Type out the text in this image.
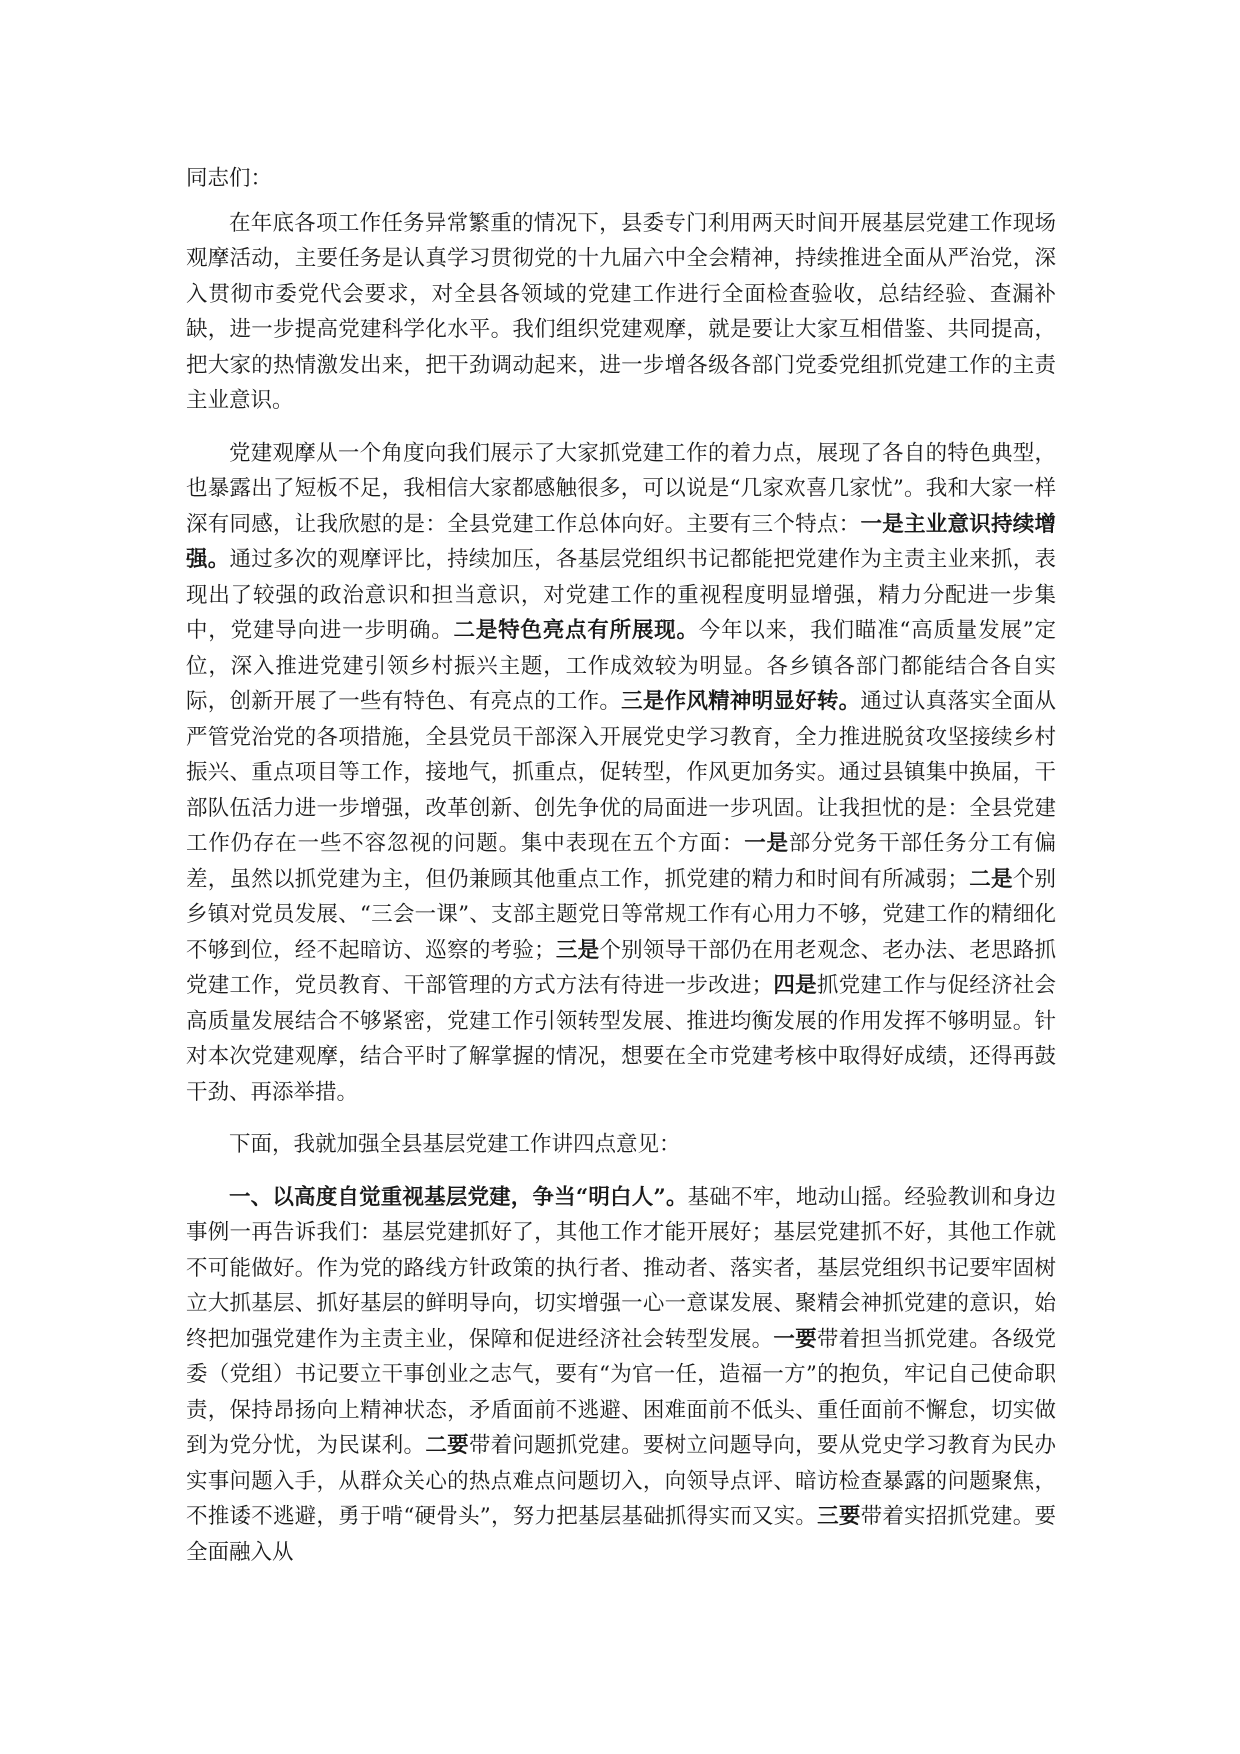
同志们：

在年底各项工作任务异常繁重的情况下，县委专门利用两天时间开展基层党建工作现场观摩活动，主要任务是认真学习贯彻党的十九届六中全会精神，持续推进全面从严治党，深入贯彻市委党代会要求，对全县各领域的党建工作进行全面检查验收，总结经验、查漏补缺，进一步提高党建科学化水平。我们组织党建观摩，就是要让大家互相借鉴、共同提高，把大家的热情激发出来，把干劲调动起来，进一步增各级各部门党委党组抓党建工作的主责主业意识。

党建观摩从一个角度向我们展示了大家抓党建工作的着力点，展现了各自的特色典型，也暴露出了短板不足，我相信大家都感触很多，可以说是“几家欢喜几家忧”。我和大家一样深有同感，让我欣慰的是：全县党建工作总体向好。主要有三个特点：一是主业意识持续增强。通过多次的观摩评比，持续加压，各基层党组织书记都能把党建作为主责主业来抓，表现出了较强的政治意识和担当意识，对党建工作的重视程度明显增强，精力分配进一步集中，党建导向进一步明确。二是特色亮点有所展现。今年以来，我们瞄准“高质量发展”定位，深入推进党建引领乡村振兴主题，工作成效较为明显。各乡镇各部门都能结合各自实际，创新开展了一些有特色、有亮点的工作。三是作风精神明显好转。通过认真落实全面从严管党治党的各项措施，全县党员干部深入开展党史学习教育，全力推进脱贫攻坚接续乡村振兴、重点项目等工作，接地气，抓重点，促转型，作风更加务实。通过县镇集中换届，干部队伍活力进一步增强，改革创新、创先争优的局面进一步巩固。让我担忧的是：全县党建工作仍存在一些不容忽视的问题。集中表现在五个方面：一是部分党务干部任务分工有偏差，虽然以抓党建为主，但仍兼顾其他重点工作，抓党建的精力和时间有所减弱；二是个别乡镇对党员发展、“三会一课”、支部主题党日等常规工作有心用力不够，党建工作的精细化不够到位，经不起暗访、巡察的考验；三是个别领导干部仍在用老观念、老办法、老思路抓党建工作，党员教育、干部管理的方式方法有待进一步改进；四是抓党建工作与促经济社会高质量发展结合不够紧密，党建工作引领转型发展、推进均衡发展的作用发挥不够明显。针对本次党建观摩，结合平时了解掌握的情况，想要在全市党建考核中取得好成绩，还得再鼓干劲、再添举措。

下面，我就加强全县基层党建工作讲四点意见：

一、以高度自觉重视基层党建，争当“明白人”。基础不牢，地动山摇。经验教训和身边事例一再告诉我们：基层党建抓好了，其他工作才能开展好；基层党建抓不好，其他工作就不可能做好。作为党的路线方针政策的执行者、推动者、落实者，基层党组织书记要牢固树立大抓基层、抓好基层的鲜明导向，切实增强一心一意谋发展、聚精会神抓党建的意识，始终把加强党建作为主责主业，保障和促进经济社会转型发展。一要带着担当抓党建。各级党委（党组）书记要立干事创业之志气，要有“为官一任，造福一方”的抱负，牢记自己使命职责，保持昂扬向上精神状态，矛盾面前不逃避、困难面前不低头、重任面前不懈怠，切实做到为党分忧，为民谋利。二要带着问题抓党建。要树立问题导向，要从党史学习教育为民办实事问题入手，从群众关心的热点难点问题切入，向领导点评、暗访检查暴露的问题聚焦，不推诿不逃避，勇于啃“硬骨头”，努力把基层基础抓得实而又实。三要带着实招抓党建。要全面融入从
